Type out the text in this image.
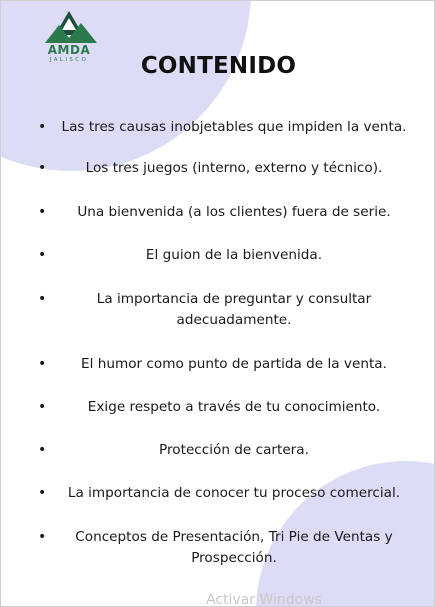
AMDA
JALISCO	CONTENIDO
•
Las tres causas inobjetables que impiden la venta.
•
Los tres juegos (interno, externo y técnico).
•
Una bienvenida (a los clientes) fuera de serie.
•
El guion de la bienvenida.
•
La importancia de preguntar y consultar adecuadamente.
•
El humor como punto de partida de la venta.
•
Exige respeto a través de tu conocimiento.
•
Protección de cartera.
•
La importancia de conocer tu proceso comercial.
•
Conceptos de Presentación, Tri Pie de Ventas y Prospección.
Activar Windows
